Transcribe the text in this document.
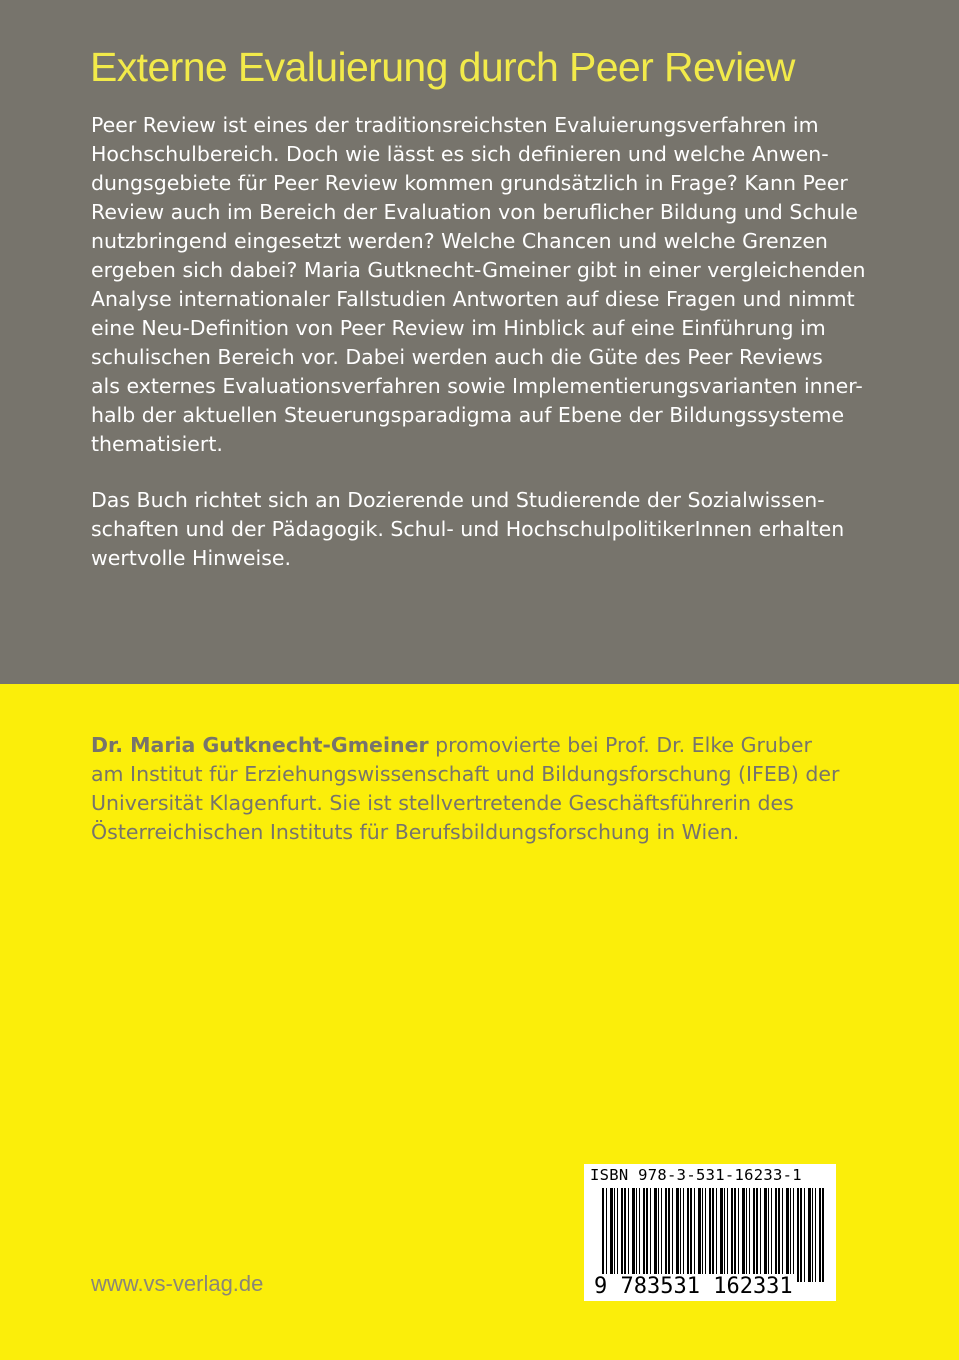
Externe Evaluierung durch Peer Review

Peer Review ist eines der traditionsreichsten Evaluierungsverfahren im
Hochschulbereich. Doch wie lässt es sich definieren und welche Anwen-
dungsgebiete für Peer Review kommen grundsätzlich in Frage? Kann Peer
Review auch im Bereich der Evaluation von beruflicher Bildung und Schule
nutzbringend eingesetzt werden? Welche Chancen und welche Grenzen
ergeben sich dabei? Maria Gutknecht-Gmeiner gibt in einer vergleichenden
Analyse internationaler Fallstudien Antworten auf diese Fragen und nimmt
eine Neu-Definition von Peer Review im Hinblick auf eine Einführung im
schulischen Bereich vor. Dabei werden auch die Güte des Peer Reviews
als externes Evaluationsverfahren sowie Implementierungsvarianten inner-
halb der aktuellen Steuerungsparadigma auf Ebene der Bildungssysteme
thematisiert.

Das Buch richtet sich an Dozierende und Studierende der Sozialwissen-
schaften und der Pädagogik. Schul- und HochschulpolitikerInnen erhalten
wertvolle Hinweise.

Dr. Maria Gutknecht-Gmeiner promovierte bei Prof. Dr. Elke Gruber
am Institut für Erziehungswissenschaft und Bildungsforschung (IFEB) der
Universität Klagenfurt. Sie ist stellvertretende Geschäftsführerin des
Österreichischen Instituts für Berufsbildungsforschung in Wien.

www.vs-verlag.de

ISBN 978-3-531-16233-1

9 783531 162331
